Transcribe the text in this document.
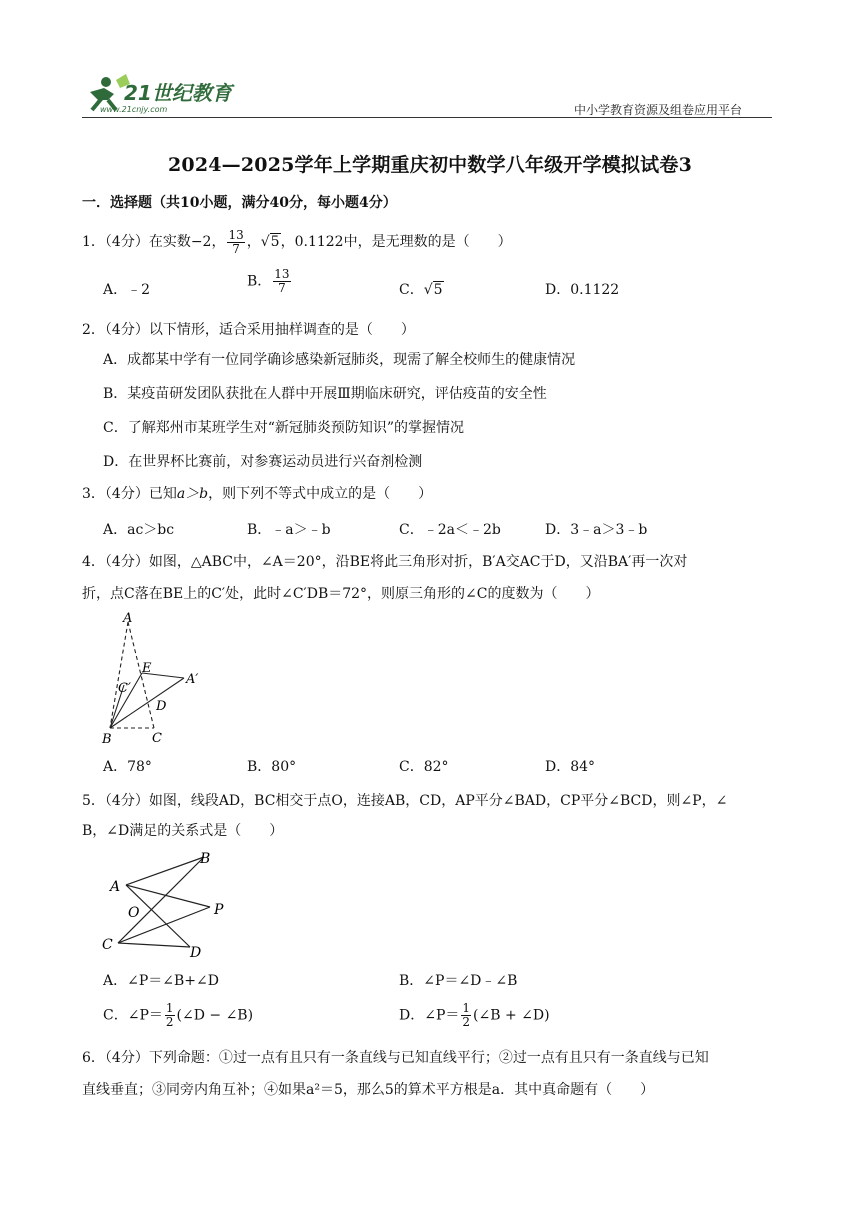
21世纪教育
www.21cnjy.com	中小学教育资源及组卷应用平台
2024—2025学年上学期重庆初中数学八年级开学模拟试卷3
一．选择题（共10小题，满分40分，每小题4分）
1．（4分）在实数−2， $\frac{13}{7}$ ，√5，0.1122中，是无理数的是（　　）
A．﹣2
B． $\frac{13}{7}$	C．√5	D．0.1122
2．（4分）以下情形，适合采用抽样调查的是（　　）
A．成都某中学有一位同学确诊感染新冠肺炎，现需了解全校师生的健康情况
B．某疫苗研发团队获批在人群中开展Ⅲ期临床研究，评估疫苗的安全性
C．了解郑州市某班学生对“新冠肺炎预防知识”的掌握情况
D．在世界杯比赛前，对参赛运动员进行兴奋剂检测
3．（4分）已知a＞b，则下列不等式中成立的是（　　）
A．ac＞bc	B．﹣a＞﹣b	C．﹣2a＜﹣2b	D．3﹣a＞3﹣b
4．（4分）如图，△ABC中，∠A＝20°，沿BE将此三角形对折，B′A交AC于D，又沿BA′再一次对
折，点C落在BE上的C′处，此时∠C′DB＝72°，则原三角形的∠C的度数为（　　）
A
E
A′
C′
D
B	C
A．78°	B．80°	C．82°	D．84°
5．（4分）如图，线段AD，BC相交于点O，连接AB，CD，AP平分∠BAD，CP平分∠BCD，则∠P，∠
B，∠D满足的关系式是（　　）
B
A
O	P
C	D
A．∠P＝∠B+∠D	B．∠P＝∠D﹣∠B
C．∠P＝ $\frac{1}{2}$ (∠D − ∠B)	D．∠P＝ $\frac{1}{2}$ (∠B + ∠D)
6．（4分）下列命题：①过一点有且只有一条直线与已知直线平行；②过一点有且只有一条直线与已知
直线垂直；③同旁内角互补；④如果a²＝5，那么5的算术平方根是a．其中真命题有（　　）
